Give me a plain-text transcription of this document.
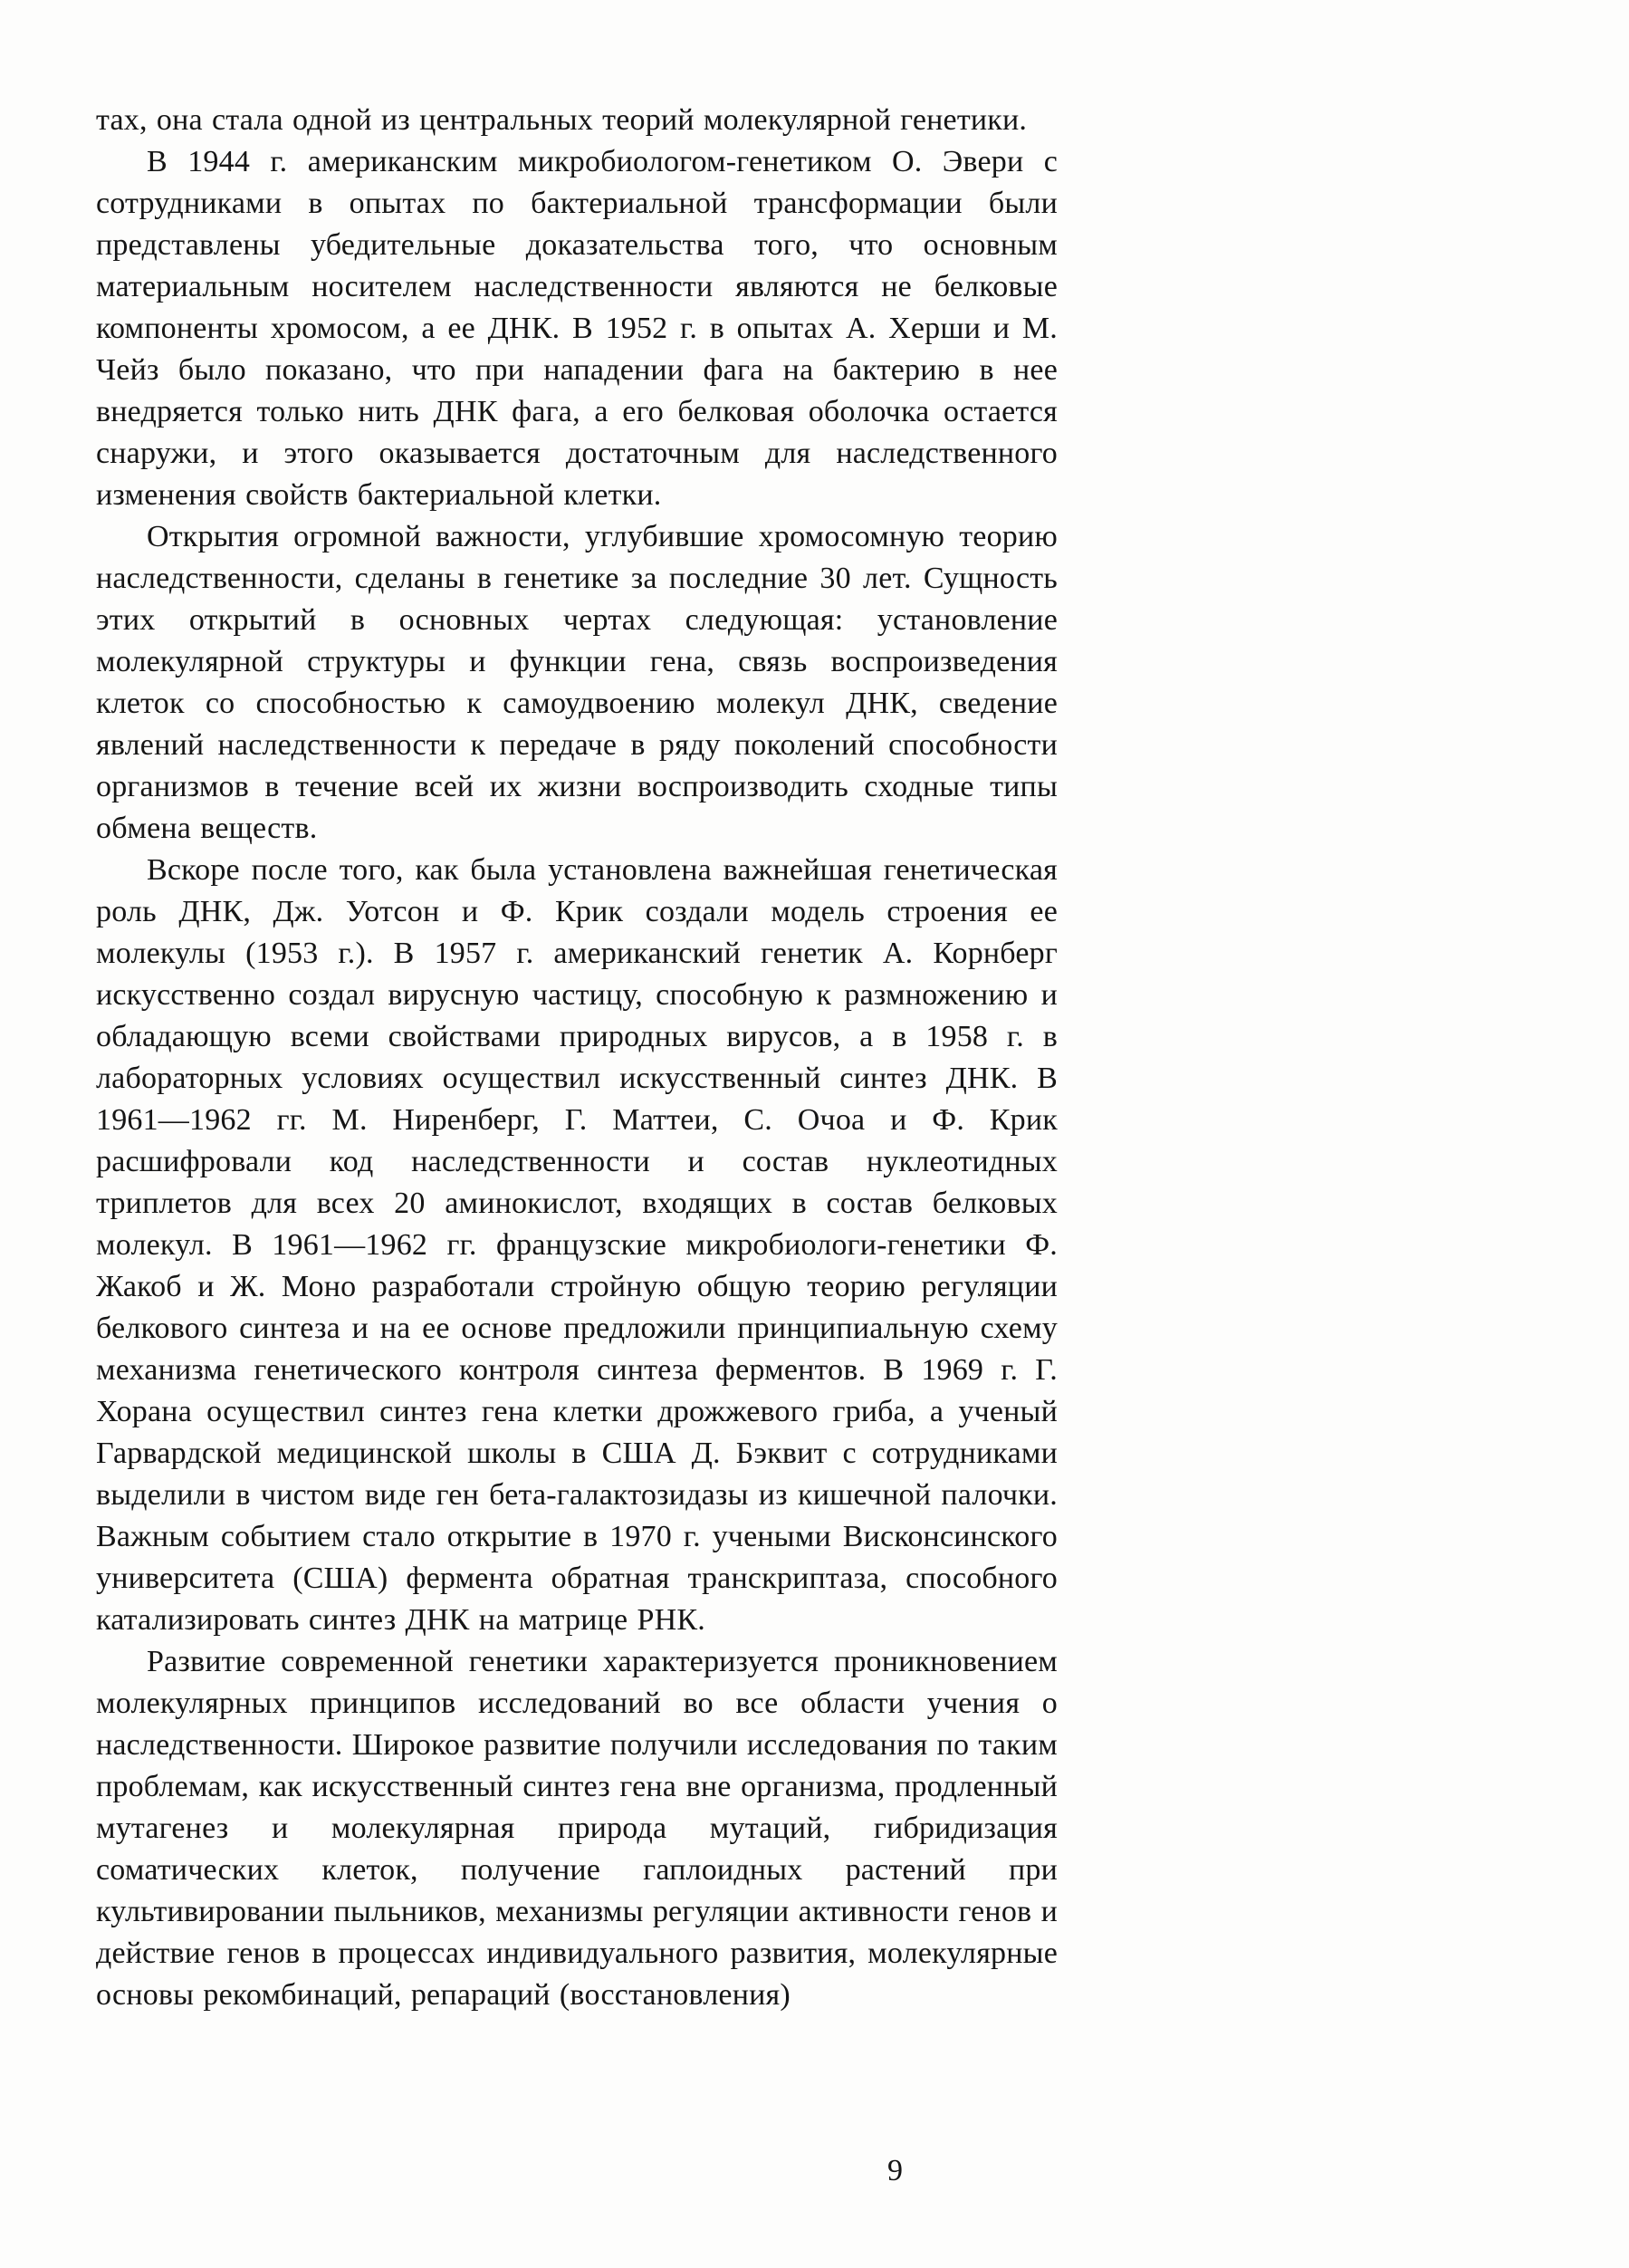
тах, она стала одной из центральных теорий молекулярной генетики.

В 1944 г. американским микробиологом-генетиком О. Эвери с сотрудниками в опытах по бактериальной трансформации были представлены убедительные доказательства того, что основным материальным носителем наследственности являются не белковые компоненты хромосом, а ее ДНК. В 1952 г. в опытах А. Херши и М. Чейз было показано, что при нападении фага на бактерию в нее внедряется только нить ДНК фага, а его белковая оболочка остается снаружи, и этого оказывается достаточным для наследственного изменения свойств бактериальной клетки.

Открытия огромной важности, углубившие хромосомную теорию наследственности, сделаны в генетике за последние 30 лет. Сущность этих открытий в основных чертах следующая: установление молекулярной структуры и функции гена, связь воспроизведения клеток со способностью к самоудвоению молекул ДНК, сведение явлений наследственности к передаче в ряду поколений способности организмов в течение всей их жизни воспроизводить сходные типы обмена веществ.

Вскоре после того, как была установлена важнейшая генетическая роль ДНК, Дж. Уотсон и Ф. Крик создали модель строения ее молекулы (1953 г.). В 1957 г. американский генетик А. Корнберг искусственно создал вирусную частицу, способную к размножению и обладающую всеми свойствами природных вирусов, а в 1958 г. в лабораторных условиях осуществил искусственный синтез ДНК. В 1961—1962 гг. М. Ниренберг, Г. Маттеи, С. Очоа и Ф. Крик расшифровали код наследственности и состав нуклеотидных триплетов для всех 20 аминокислот, входящих в состав белковых молекул. В 1961—1962 гг. французские микробиологи-генетики Ф. Жакоб и Ж. Моно разработали стройную общую теорию регуляции белкового синтеза и на ее основе предложили принципиальную схему механизма генетического контроля синтеза ферментов. В 1969 г. Г. Хорана осуществил синтез гена клетки дрожжевого гриба, а ученый Гарвардской медицинской школы в США Д. Бэквит с сотрудниками выделили в чистом виде ген бета-галактозидазы из кишечной палочки. Важным событием стало открытие в 1970 г. учеными Висконсинского университета (США) фермента обратная транскриптаза, способного катализировать синтез ДНК на матрице РНК.

Развитие современной генетики характеризуется проникновением молекулярных принципов исследований во все области учения о наследственности. Широкое развитие получили исследования по таким проблемам, как искусственный синтез гена вне организма, продленный мутагенез и молекулярная природа мутаций, гибридизация соматических клеток, получение гаплоидных растений при культивировании пыльников, механизмы регуляции активности генов и действие генов в процессах индивидуального развития, молекулярные основы рекомбинаций, репараций (восстановления)

9
